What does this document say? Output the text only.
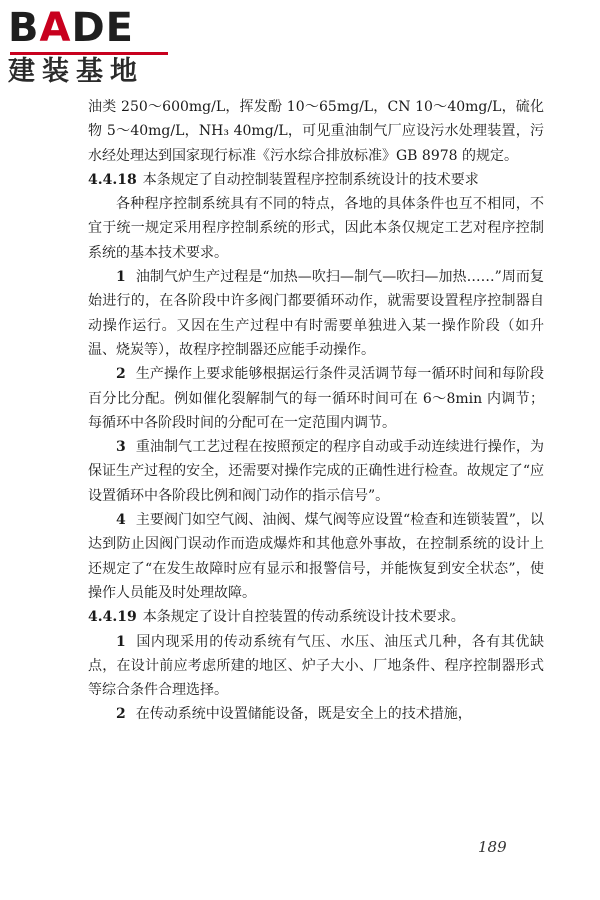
BADE
建装基地

油类 250～600mg/L，挥发酚 10～65mg/L，CN 10～40mg/L，硫化物 5～40mg/L，NH₃ 40mg/L，可见重油制气厂应设污水处理装置，污水经处理达到国家现行标准《污水综合排放标准》GB 8978 的规定。

4.4.18 本条规定了自动控制装置程序控制系统设计的技术要求

各种程序控制系统具有不同的特点，各地的具体条件也互不相同，不宜于统一规定采用程序控制系统的形式，因此本条仅规定工艺对程序控制系统的基本技术要求。

1 油制气炉生产过程是“加热—吹扫—制气—吹扫—加热……”周而复始进行的，在各阶段中许多阀门都要循环动作，就需要设置程序控制器自动操作运行。又因在生产过程中有时需要单独进入某一操作阶段（如升温、烧炭等），故程序控制器还应能手动操作。

2 生产操作上要求能够根据运行条件灵活调节每一循环时间和每阶段百分比分配。例如催化裂解制气的每一循环时间可在 6～8min 内调节；每循环中各阶段时间的分配可在一定范围内调节。

3 重油制气工艺过程在按照预定的程序自动或手动连续进行操作，为保证生产过程的安全，还需要对操作完成的正确性进行检查。故规定了“应设置循环中各阶段比例和阀门动作的指示信号”。

4 主要阀门如空气阀、油阀、煤气阀等应设置“检查和连锁装置”，以达到防止因阀门误动作而造成爆炸和其他意外事故，在控制系统的设计上还规定了“在发生故障时应有显示和报警信号，并能恢复到安全状态”，使操作人员能及时处理故障。

4.4.19 本条规定了设计自控装置的传动系统设计技术要求。

1 国内现采用的传动系统有气压、水压、油压式几种，各有其优缺点，在设计前应考虑所建的地区、炉子大小、厂地条件、程序控制器形式等综合条件合理选择。

2 在传动系统中设置储能设备，既是安全上的技术措施，

189
